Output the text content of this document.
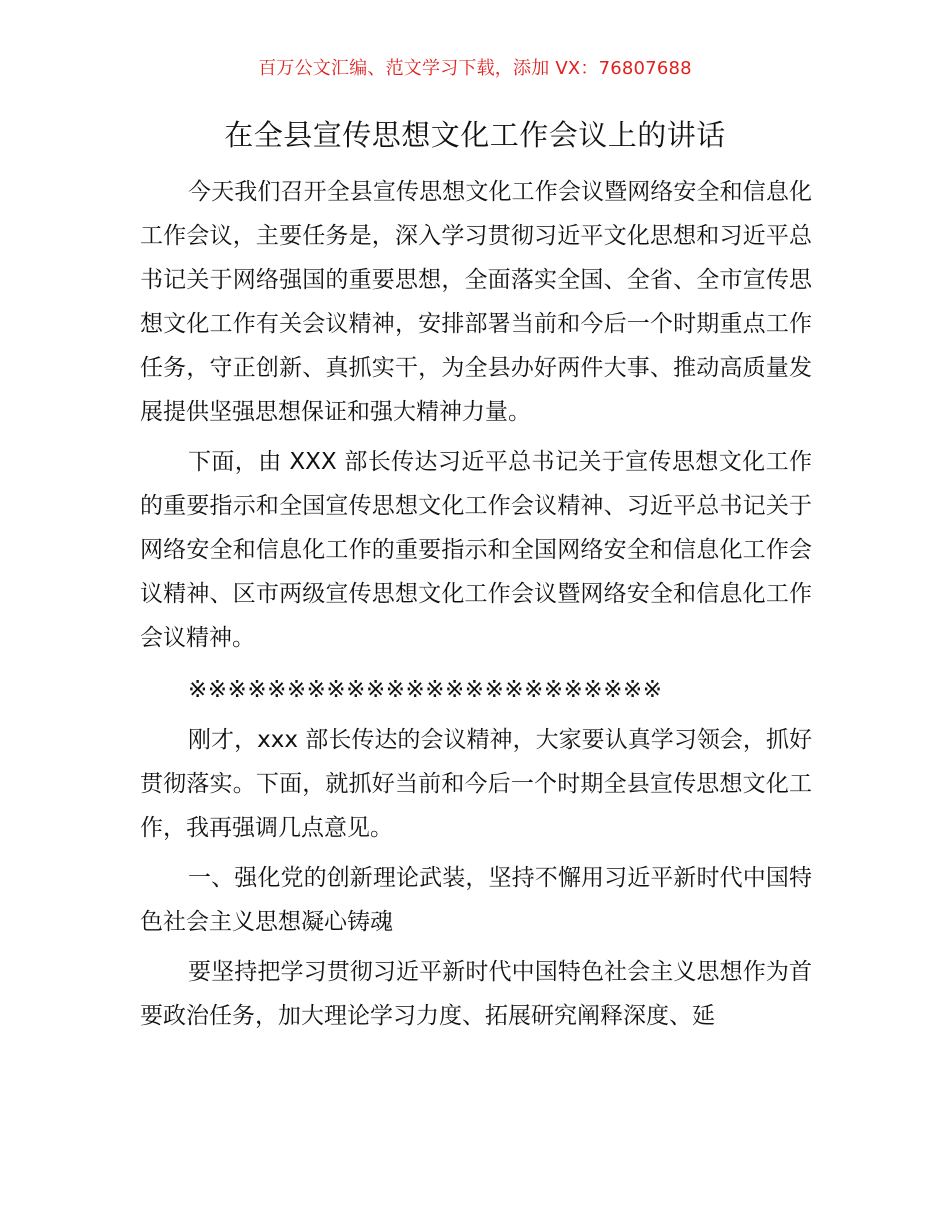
百万公文汇编、范文学习下载，添加 VX：76807688
在全县宣传思想文化工作会议上的讲话

今天我们召开全县宣传思想文化工作会议暨网络安全和信息化工作会议，主要任务是，深入学习贯彻习近平文化思想和习近平总书记关于网络强国的重要思想，全面落实全国、全省、全市宣传思想文化工作有关会议精神，安排部署当前和今后一个时期重点工作任务，守正创新、真抓实干，为全县办好两件大事、推动高质量发展提供坚强思想保证和强大精神力量。

下面，由 XXX 部长传达习近平总书记关于宣传思想文化工作的重要指示和全国宣传思想文化工作会议精神、习近平总书记关于网络安全和信息化工作的重要指示和全国网络安全和信息化工作会议精神、区市两级宣传思想文化工作会议暨网络安全和信息化工作会议精神。

※※※※※※※※※※※※※※※※※※※※※※※※

刚才，xxx 部长传达的会议精神，大家要认真学习领会，抓好贯彻落实。下面，就抓好当前和今后一个时期全县宣传思想文化工作，我再强调几点意见。

一、强化党的创新理论武装，坚持不懈用习近平新时代中国特色社会主义思想凝心铸魂

要坚持把学习贯彻习近平新时代中国特色社会主义思想作为首要政治任务，加大理论学习力度、拓展研究阐释深度、延
